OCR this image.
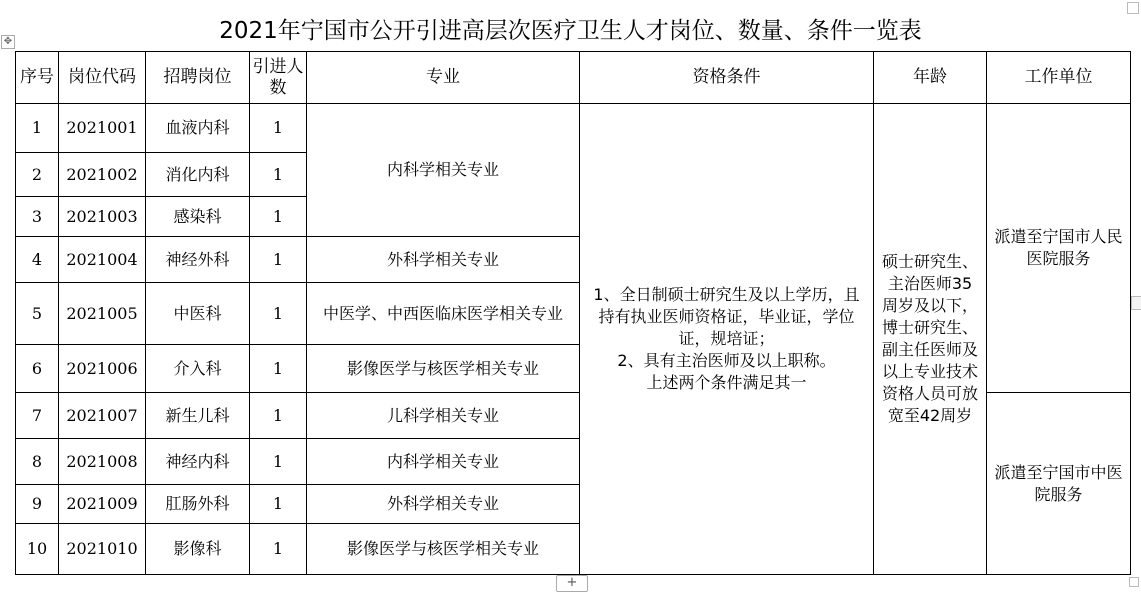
✥	2021年宁国市公开引进高层次医疗卫生人才岗位、数量、条件一览表
序号	岗位代码	招聘岗位	引进人数	专业	资格条件	年龄	工作单位
1	2021001	血液内科	1	内科学相关专业	1、全日制硕士研究生及以上学历，且持有执业医师资格证，毕业证，学位证，规培证；
2、具有主治医师及以上职称。
上述两个条件满足其一	硕士研究生、主治医师35周岁及以下，博士研究生、副主任医师及以上专业技术资格人员可放宽至42周岁	派遣至宁国市人民医院服务
2	2021002	消化内科	1				
3	2021003	感染科	1				
4	2021004	神经外科	1	外科学相关专业			
5	2021005	中医科	1	中医学、中西医临床医学相关专业			
6	2021006	介入科	1	影像医学与核医学相关专业			
7	2021007	新生儿科	1	儿科学相关专业			派遣至宁国市中医院服务
8	2021008	神经内科	1	内科学相关专业			
9	2021009	肛肠外科	1	外科学相关专业			
10	2021010	影像科	1	影像医学与核医学相关专业			
+
